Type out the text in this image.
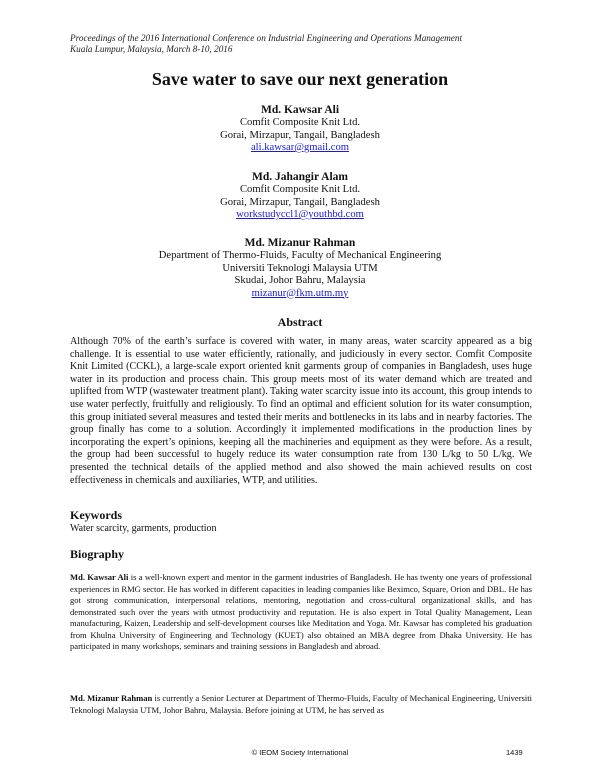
Proceedings of the 2016 International Conference on Industrial Engineering and Operations Management
Kuala Lumpur, Malaysia, March 8-10, 2016
Save water to save our next generation
Md. Kawsar Ali
Comfit Composite Knit Ltd.
Gorai, Mirzapur, Tangail, Bangladesh
ali.kawsar@gmail.com
Md. Jahangir Alam
Comfit Composite Knit Ltd.
Gorai, Mirzapur, Tangail, Bangladesh
workstudyccl1@youthbd.com
Md. Mizanur Rahman
Department of Thermo-Fluids, Faculty of Mechanical Engineering
Universiti Teknologi Malaysia UTM
Skudai, Johor Bahru, Malaysia
mizanur@fkm.utm.my
Abstract
Although 70% of the earth’s surface is covered with water, in many areas, water scarcity appeared as a big challenge. It is essential to use water efficiently, rationally, and judiciously in every sector. Comfit Composite Knit Limited (CCKL), a large-scale export oriented knit garments group of companies in Bangladesh, uses huge water in its production and process chain. This group meets most of its water demand which are treated and uplifted from WTP (wastewater treatment plant). Taking water scarcity issue into its account, this group intends to use water perfectly, fruitfully and religiously. To find an optimal and efficient solution for its water consumption, this group initiated several measures and tested their merits and bottlenecks in its labs and in nearby factories. The group finally has come to a solution. Accordingly it implemented modifications in the production lines by incorporating the expert’s opinions, keeping all the machineries and equipment as they were before. As a result, the group had been successful to hugely reduce its water consumption rate from 130 L/kg to 50 L/kg. We presented the technical details of the applied method and also showed the main achieved results on cost effectiveness in chemicals and auxiliaries, WTP, and utilities.
Keywords
Water scarcity, garments, production
Biography
Md. Kawsar Ali is a well-known expert and mentor in the garment industries of Bangladesh. He has twenty one years of professional experiences in RMG sector. He has worked in different capacities in leading companies like Beximco, Square, Orion and DBL. He has got strong communication, interpersonal relations, mentoring, negotiation and cross-cultural organizational skills, and has demonstrated such over the years with utmost productivity and reputation. He is also expert in Total Quality Management, Lean manufacturing, Kaizen, Leadership and self-development courses like Meditation and Yoga. Mr. Kawsar has completed his graduation from Khulna University of Engineering and Technology (KUET) also obtained an MBA degree from Dhaka University. He has participated in many workshops, seminars and training sessions in Bangladesh and abroad.
Md. Mizanur Rahman is currently a Senior Lecturer at Department of Thermo-Fluids, Faculty of Mechanical Engineering, Universiti Teknologi Malaysia UTM, Johor Bahru, Malaysia. Before joining at UTM, he has served as
© IEOM Society International	1439
